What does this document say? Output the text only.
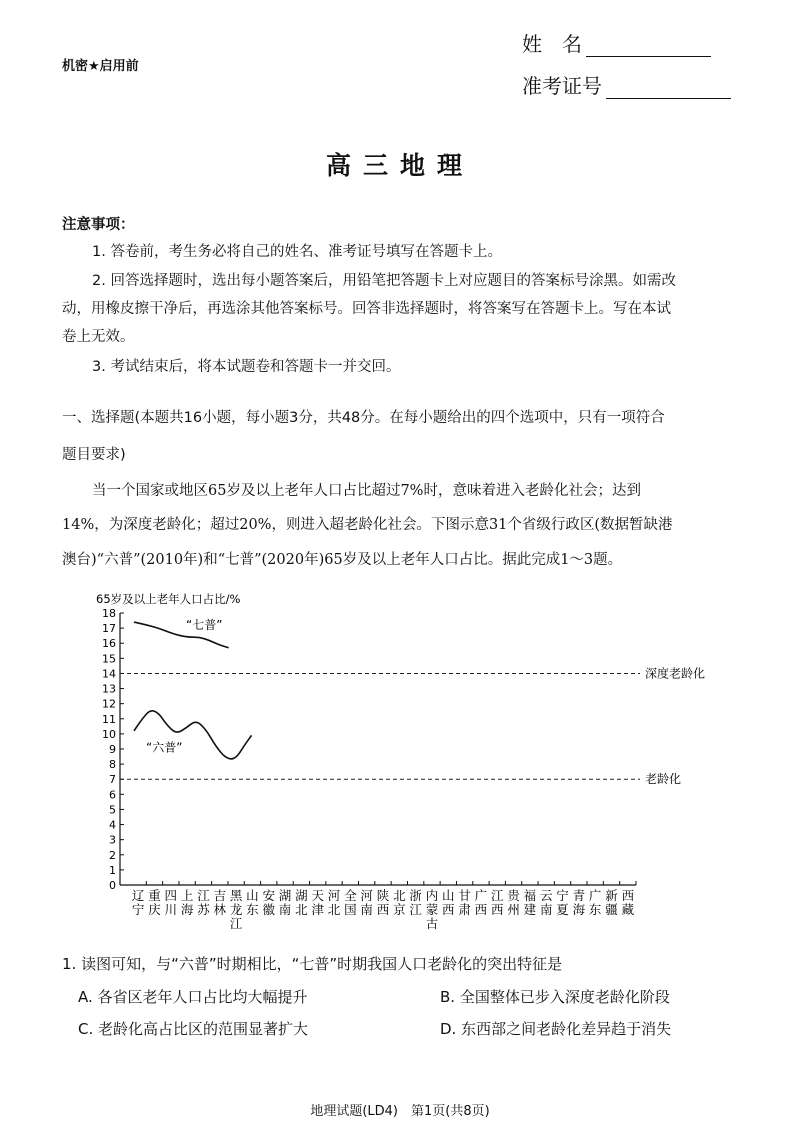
机密★启用前
姓　名
准考证号
高三地理
注意事项：
1. 答卷前，考生务必将自己的姓名、准考证号填写在答题卡上。
2. 回答选择题时，选出每小题答案后，用铅笔把答题卡上对应题目的答案标号涂黑。如需改
动，用橡皮擦干净后，再选涂其他答案标号。回答非选择题时，将答案写在答题卡上。写在本试
卷上无效。
3. 考试结束后，将本试题卷和答题卡一并交回。
一、选择题(本题共16小题，每小题3分，共48分。在每小题给出的四个选项中，只有一项符合
题目要求)
当一个国家或地区65岁及以上老年人口占比超过7%时，意味着进入老龄化社会；达到
14%，为深度老龄化；超过20%，则进入超老龄化社会。下图示意31个省级行政区(数据暂缺港
澳台)“六普”(2010年)和“七普”(2020年)65岁及以上老年人口占比。据此完成1～3题。
65岁及以上老年人口占比/%
0
1
2
3
4
5
6
7
8
9
10
11
12
13
14
15
16
17
18
辽
宁
重
庆
四
川
上
海
江
苏
吉
林
黑
龙
江
山
东
安
徽
湖
南
湖
北
天
津
河
北
全
国
河
南
陕
西
北
京
浙
江
内
蒙
古
山
西
甘
肃
广
西
江
西
贵
州
福
建
云
南
宁
夏
青
海
广
东
新
疆
西
藏
深度老龄化
老龄化
“七普”
“六普”
1. 读图可知，与“六普”时期相比，“七普”时期我国人口老龄化的突出特征是
A. 各省区老年人口占比均大幅提升	B. 全国整体已步入深度老龄化阶段
C. 老龄化高占比区的范围显著扩大	D. 东西部之间老龄化差异趋于消失
地理试题(LD4)　第1页(共8页)
